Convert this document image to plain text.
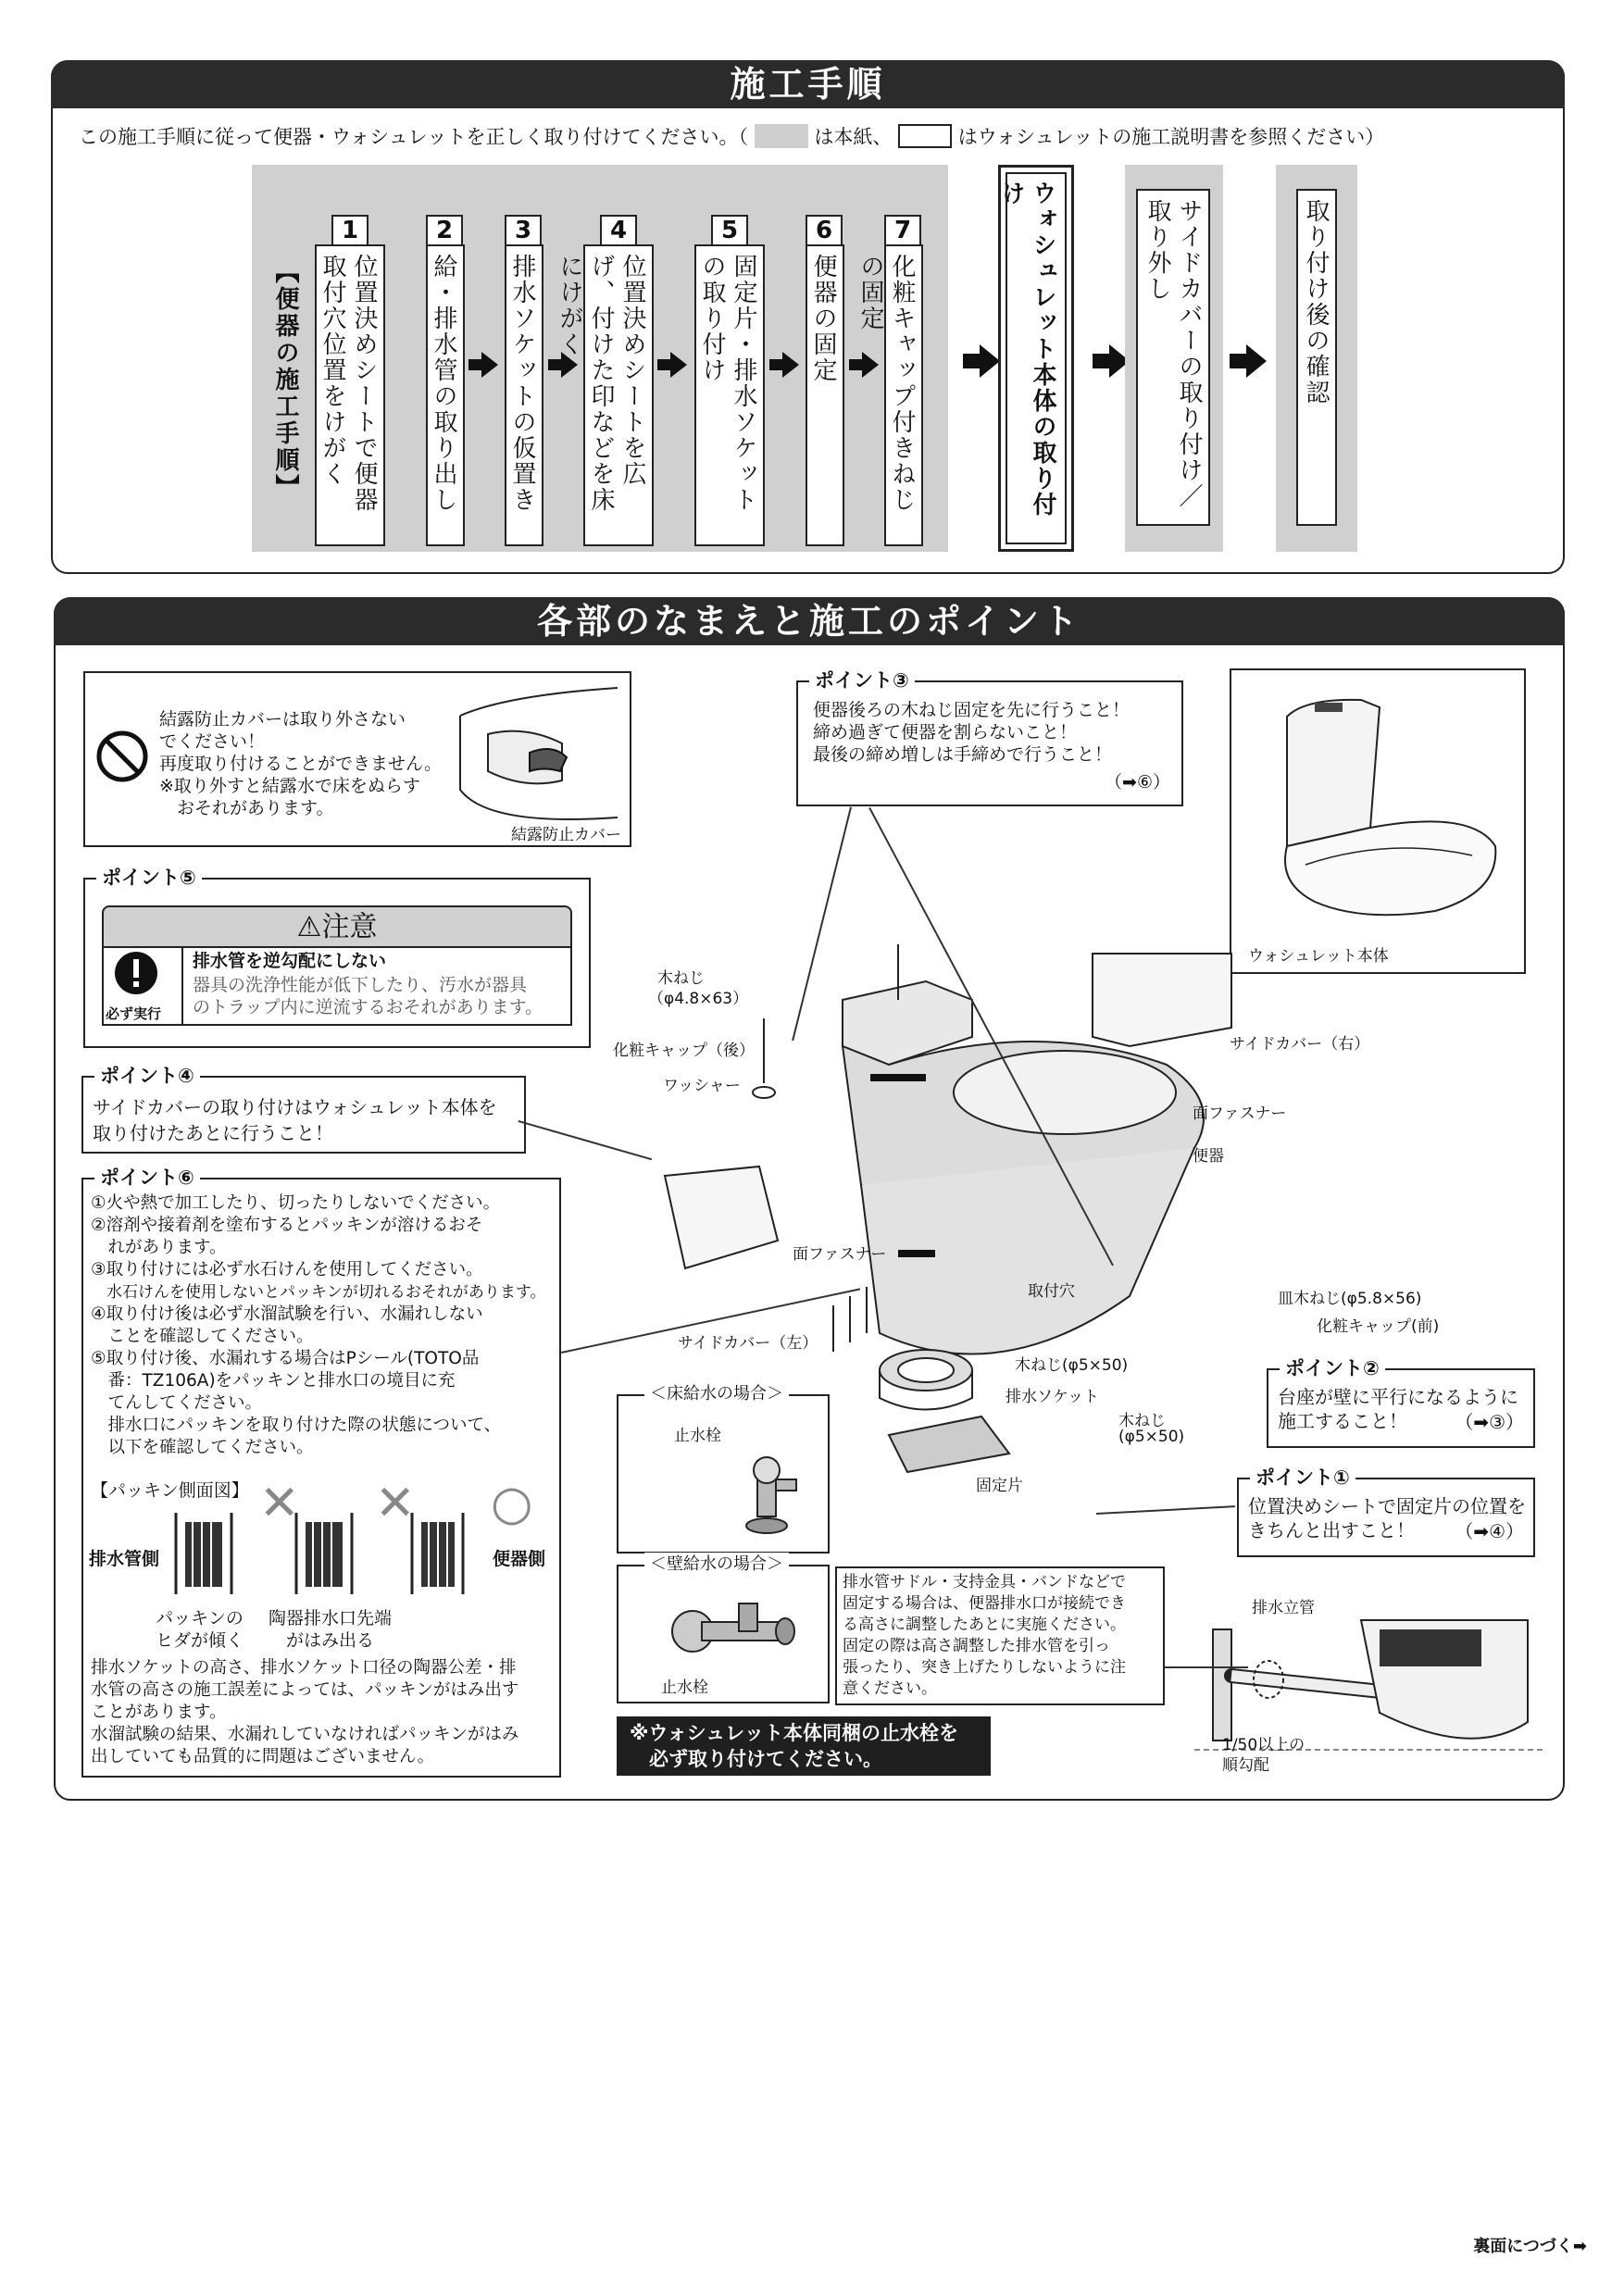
施工手順
この施工手順に従って便器・ウォシュレットを正しく取り付けてください。（	は本紙、	はウォシュレットの施工説明書を参照ください）
【便器の施工手順】
1
位置決めシートで便器取付穴位置をけがく
2
給・排水管の取り出し
3
排水ソケットの仮置き
4
位置決めシートを広げ、付けた印などを床にけがく
5
固定片・排水ソケットの取り付け
6
便器の固定
7
化粧キャップ付きねじの固定	ウォシュレット本体の取り付け
サイドカバーの取り付け／取り外し	取り付け後の確認
各部のなまえと施工のポイント
結露防止カバーは取り外さない
でください！
再度取り付けることができません。
※取り外すと結露水で床をぬらす
　おそれがあります。
結露防止カバー
ポイント⑤
⚠注意
必ず実行
排水管を逆勾配にしない
器具の洗浄性能が低下したり、汚水が器具
のトラップ内に逆流するおそれがあります。
ポイント④
サイドカバーの取り付けはウォシュレット本体を
取り付けたあとに行うこと！
ポイント⑥
①火や熱で加工したり、切ったりしないでください。
②溶剤や接着剤を塗布するとパッキンが溶けるおそ
　れがあります。
③取り付けには必ず水石けんを使用してください。
　水石けんを使用しないとパッキンが切れるおそれがあります。
④取り付け後は必ず水溜試験を行い、水漏れしない
　ことを確認してください。
⑤取り付け後、水漏れする場合はPシール(TOTO品
　番：TZ106A)をパッキンと排水口の境目に充
　てんしてください。
　排水口にパッキンを取り付けた際の状態について、
　以下を確認してください。
【パッキン側面図】
排水管側	便器側
✕ ✕ ○
パッキンの
ヒダが傾く
陶器排水口先端
がはみ出る
排水ソケットの高さ、排水ソケット口径の陶器公差・排
水管の高さの施工誤差によっては、パッキンがはみ出す
ことがあります。
水溜試験の結果、水漏れしていなければパッキンがはみ
出していても品質的に問題はございません。
ポイント③
便器後ろの木ねじ固定を先に行うこと！
締め過ぎて便器を割らないこと！
最後の締め増しは手締めで行うこと！
（➡⑥）
ウォシュレット本体
木ねじ
（φ4.8×63）
化粧キャップ（後）
ワッシャー
サイドカバー（右）
面ファスナー
便器
面ファスナー
取付穴
サイドカバー（左）
木ねじ(φ5×50)
排水ソケット
皿木ねじ(φ5.8×56)
化粧キャップ(前)
木ねじ
(φ5×50)
固定片
ポイント②
台座が壁に平行になるように
施工すること！	（➡③）
ポイント①
位置決めシートで固定片の位置を
きちんと出すこと！	（➡④）
＜床給水の場合＞
止水栓
＜壁給水の場合＞
止水栓
排水管サドル・支持金具・バンドなどで
固定する場合は、便器排水口が接続でき
る高さに調整したあとに実施ください。
固定の際は高さ調整した排水管を引っ
張ったり、突き上げたりしないように注
意ください。
排水立管
1/50以上の
順勾配
※ウォシュレット本体同梱の止水栓を
　必ず取り付けてください。
裏面につづく➡
